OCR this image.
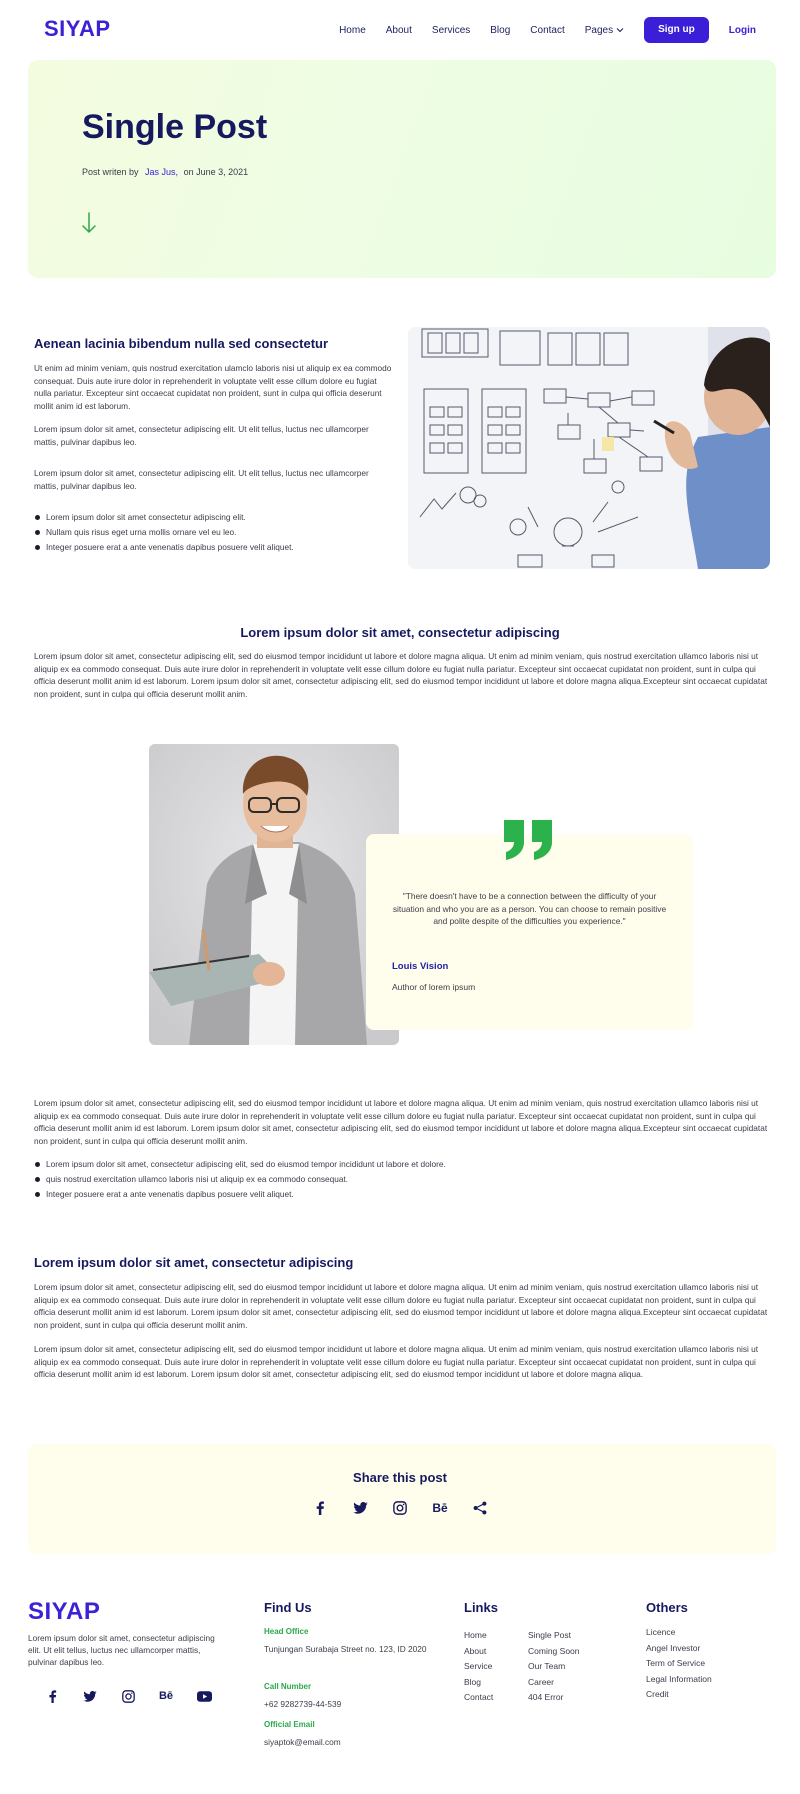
SIYAP	Home About Services Blog Contact Pages	Sign up	Login
Single Post
Post writen by Jas Jus, on June 3, 2021
Aenean lacinia bibendum nulla sed consectetur
Ut enim ad minim veniam, quis nostrud exercitation ulamclo laboris nisi ut aliquip ex ea commodo consequat. Duis aute irure dolor in reprehenderit in voluptate velit esse cillum dolore eu fugiat nulla pariatur. Excepteur sint occaecat cupidatat non proident, sunt in culpa qui officia deserunt mollit anim id est laborum.
Lorem ipsum dolor sit amet, consectetur adipiscing elit. Ut elit tellus, luctus nec ullamcorper mattis, pulvinar dapibus leo.
Lorem ipsum dolor sit amet, consectetur adipiscing elit. Ut elit tellus, luctus nec ullamcorper mattis, pulvinar dapibus leo.
Lorem ipsum dolor sit amet consectetur adipiscing elit.
Nullam quis risus eget urna mollis ornare vel eu leo.
Integer posuere erat a ante venenatis dapibus posuere velit aliquet.
Lorem ipsum dolor sit amet, consectetur adipiscing
Lorem ipsum dolor sit amet, consectetur adipiscing elit, sed do eiusmod tempor incididunt ut labore et dolore magna aliqua. Ut enim ad minim veniam, quis nostrud exercitation ullamco laboris nisi ut aliquip ex ea commodo consequat. Duis aute irure dolor in reprehenderit in voluptate velit esse cillum dolore eu fugiat nulla pariatur. Excepteur sint occaecat cupidatat non proident, sunt in culpa qui officia deserunt mollit anim id est laborum. Lorem ipsum dolor sit amet, consectetur adipiscing elit, sed do eiusmod tempor incididunt ut labore et dolore magna aliqua.Excepteur sint occaecat cupidatat non proident, sunt in culpa qui officia deserunt mollit anim.
"There doesn't have to be a connection between the difficulty of your situation and who you are as a person. You can choose to remain positive and polite despite of the difficulties you experience."
Louis Vision
Author of lorem ipsum
Lorem ipsum dolor sit amet, consectetur adipiscing elit, sed do eiusmod tempor incididunt ut labore et dolore magna aliqua. Ut enim ad minim veniam, quis nostrud exercitation ullamco laboris nisi ut aliquip ex ea commodo consequat. Duis aute irure dolor in reprehenderit in voluptate velit esse cillum dolore eu fugiat nulla pariatur. Excepteur sint occaecat cupidatat non proident, sunt in culpa qui officia deserunt mollit anim id est laborum. Lorem ipsum dolor sit amet, consectetur adipiscing elit, sed do eiusmod tempor incididunt ut labore et dolore magna aliqua.Excepteur sint occaecat cupidatat non proident, sunt in culpa qui officia deserunt mollit anim.
Lorem ipsum dolor sit amet, consectetur adipiscing elit, sed do eiusmod tempor incididunt ut labore et dolore.
quis nostrud exercitation ullamco laboris nisi ut aliquip ex ea commodo consequat.
Integer posuere erat a ante venenatis dapibus posuere velit aliquet.
Lorem ipsum dolor sit amet, consectetur adipiscing
Lorem ipsum dolor sit amet, consectetur adipiscing elit, sed do eiusmod tempor incididunt ut labore et dolore magna aliqua. Ut enim ad minim veniam, quis nostrud exercitation ullamco laboris nisi ut aliquip ex ea commodo consequat. Duis aute irure dolor in reprehenderit in voluptate velit esse cillum dolore eu fugiat nulla pariatur. Excepteur sint occaecat cupidatat non proident, sunt in culpa qui officia deserunt mollit anim id est laborum. Lorem ipsum dolor sit amet, consectetur adipiscing elit, sed do eiusmod tempor incididunt ut labore et dolore magna aliqua.Excepteur sint occaecat cupidatat non proident, sunt in culpa qui officia deserunt mollit anim.
Lorem ipsum dolor sit amet, consectetur adipiscing elit, sed do eiusmod tempor incididunt ut labore et dolore magna aliqua. Ut enim ad minim veniam, quis nostrud exercitation ullamco laboris nisi ut aliquip ex ea commodo consequat. Duis aute irure dolor in reprehenderit in voluptate velit esse cillum dolore eu fugiat nulla pariatur. Excepteur sint occaecat cupidatat non proident, sunt in culpa qui officia deserunt mollit anim id est laborum. Lorem ipsum dolor sit amet, consectetur adipiscing elit, sed do eiusmod tempor incididunt ut labore et dolore magna aliqua.
Share this post
Bē
SIYAP
Lorem ipsum dolor sit amet, consectetur adipiscing elit. Ut elit tellus, luctus nec ullamcorper mattis, pulvinar dapibus leo.
Bē
Find Us
Head Office
Tunjungan Surabaja Street no. 123, ID 2020
Call Number
+62 9282739-44-539
Official Email
siyaptok@email.com
Links
Home
About
Service
Blog
Contact
Single Post
Coming Soon
Our Team
Career
404 Error
Others
Licence
Angel Investor
Term of Service
Legal Information
Credit
